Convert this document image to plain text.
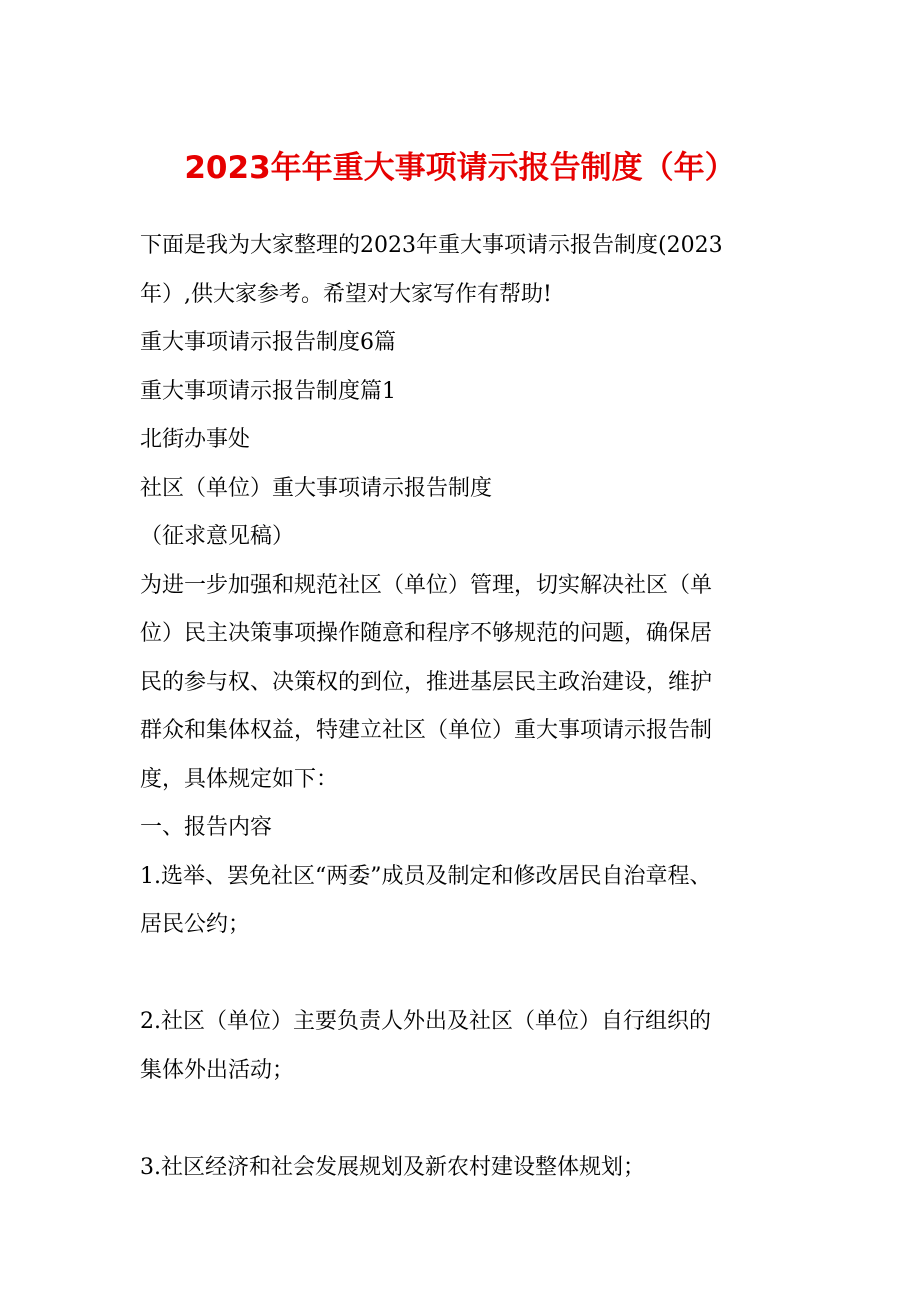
2023年年重大事项请示报告制度（年）

下面是我为大家整理的2023年重大事项请示报告制度(2023
年）,供大家参考。希望对大家写作有帮助!

重大事项请示报告制度6篇

重大事项请示报告制度篇1

北街办事处

社区（单位）重大事项请示报告制度

（征求意见稿）

为进一步加强和规范社区（单位）管理，切实解决社区（单
位）民主决策事项操作随意和程序不够规范的问题，确保居
民的参与权、决策权的到位，推进基层民主政治建设，维护
群众和集体权益，特建立社区（单位）重大事项请示报告制
度，具体规定如下：

一、报告内容

1.选举、罢免社区“两委”成员及制定和修改居民自治章程、
居民公约；

2.社区（单位）主要负责人外出及社区（单位）自行组织的
集体外出活动；

3.社区经济和社会发展规划及新农村建设整体规划；
